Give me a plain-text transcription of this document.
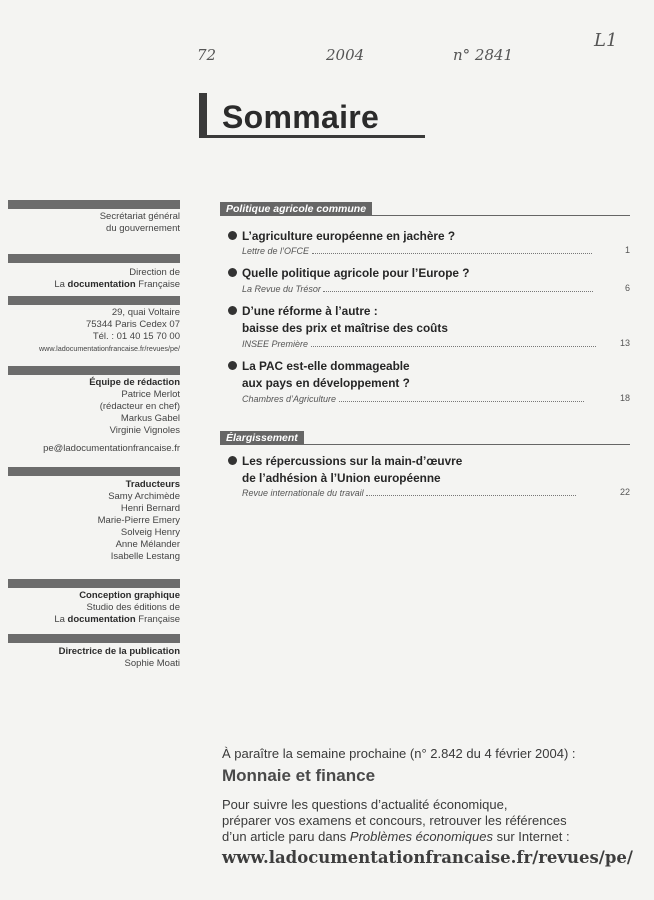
72	2004	n° 2841
L1
Sommaire
Secrétariat général
du gouvernement
Direction de
La documentation Française
29, quai Voltaire
75344 Paris Cedex 07
Tél. : 01 40 15 70 00
www.ladocumentationfrancaise.fr/revues/pe/
Équipe de rédaction
Patrice Merlot
(rédacteur en chef)
Markus Gabel
Virginie Vignoles
pe@ladocumentationfrancaise.fr
Traducteurs
Samy Archimède
Henri Bernard
Marie-Pierre Emery
Solveig Henry
Anne Mélander
Isabelle Lestang
Conception graphique
Studio des éditions de
La documentation Française
Directrice de la publication
Sophie Moati
Politique agricole commune
L’agriculture européenne en jachère ?
Lettre de l’OFCE	1
Quelle politique agricole pour l’Europe ?
La Revue du Trésor	6
D’une réforme à l’autre :
baisse des prix et maîtrise des coûts
INSEE Première	13
La PAC est-elle dommageable
aux pays en développement ?
Chambres d’Agriculture	18
Élargissement
Les répercussions sur la main-d’œuvre
de l’adhésion à l’Union européenne
Revue internationale du travail	22
À paraître la semaine prochaine (n° 2.842 du 4 février 2004) :
Monnaie et finance
Pour suivre les questions d’actualité économique,
préparer vos examens et concours, retrouver les références
d’un article paru dans Problèmes économiques sur Internet :
www.ladocumentationfrancaise.fr/revues/pe/
